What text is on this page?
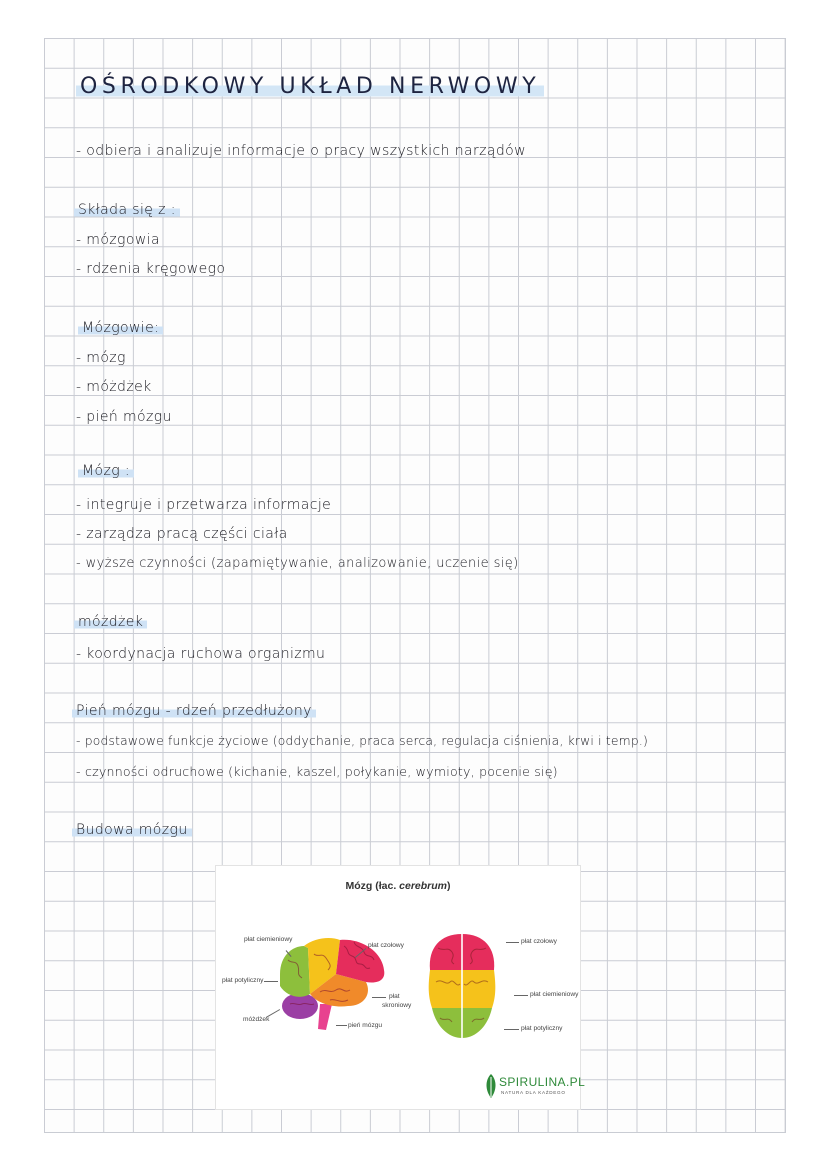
OŚRODKOWY UKŁAD NERWOWY
- odbiera i analizuje informacje o pracy wszystkich narządów
Składa się z :
- mózgowia
- rdzenia kręgowego
Mózgowie:
- mózg
- móżdżek
- pień mózgu
Mózg :
- integruje i przetwarza informacje
- zarządza pracą części ciała
- wyższe czynności (zapamiętywanie, analizowanie, uczenie się)
móżdżek
- koordynacja ruchowa organizmu
Pień mózgu - rdzeń przedłużony
- podstawowe funkcje życiowe (oddychanie, praca serca, regulacja ciśnienia, krwi i temp.)
- czynności odruchowe (kichanie, kaszel, połykanie, wymioty, pocenie się)
Budowa mózgu
Mózg (łac. cerebrum)
płat ciemieniowy
płat czołowy
płat potyliczny
płat
skroniowy
móżdżek
pień mózgu
płat czołowy
płat ciemieniowy
płat potyliczny
SPIRULINA.PL
NATURA DLA KAŻDEGO
